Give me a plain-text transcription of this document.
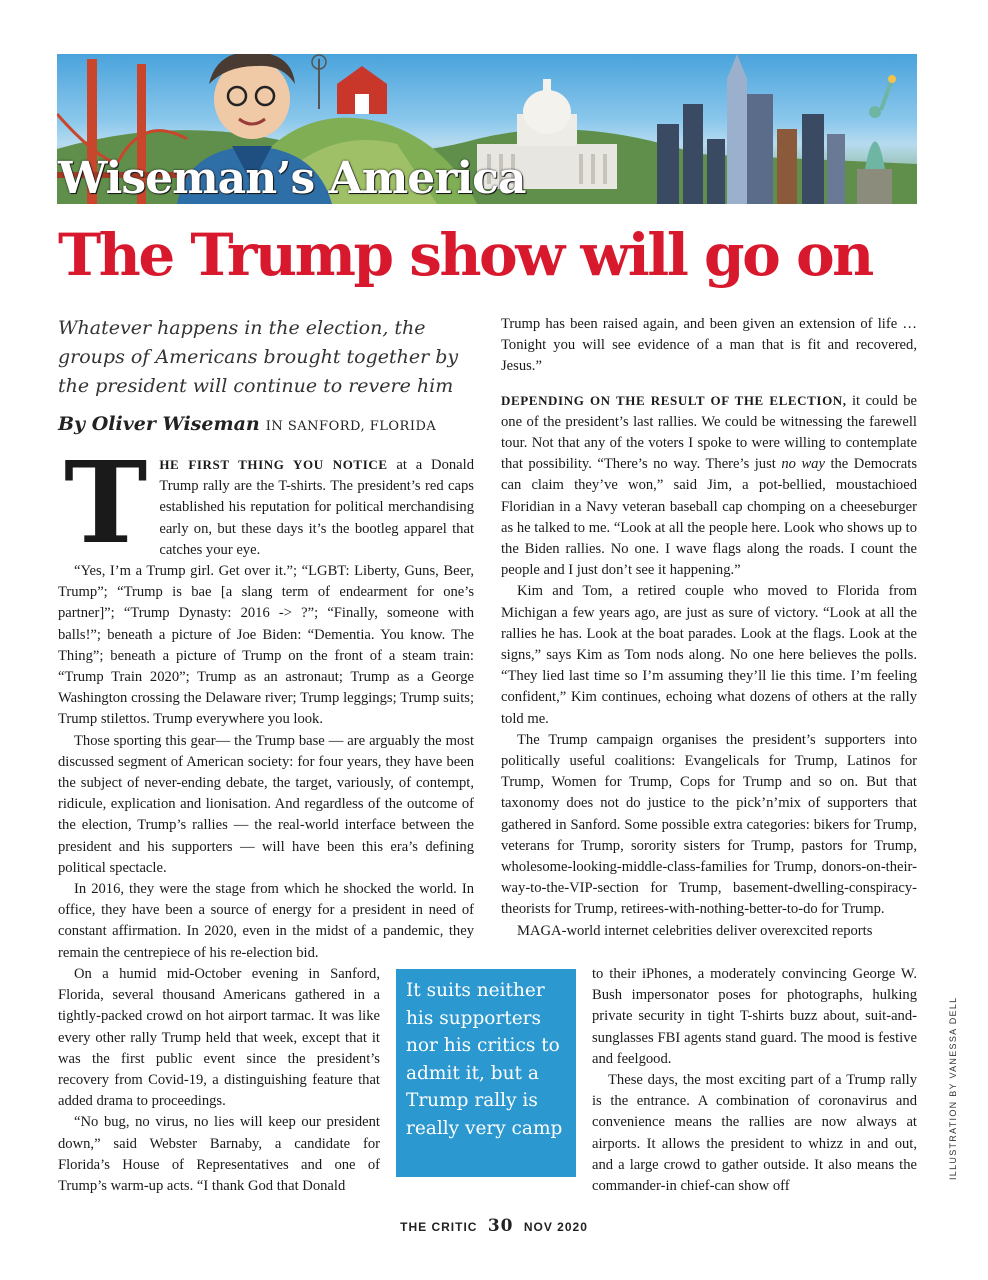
Wiseman’s America
The Trump show will go on
Whatever happens in the election, the groups of Americans brought together by the president will continue to revere him
By Oliver Wiseman IN SANFORD, FLORIDA

THE FIRST THING YOU NOTICE at a Donald Trump rally are the T-shirts. The president’s red caps established his reputation for political merchandising early on, but these days it’s the bootleg apparel that catches your eye.

“Yes, I’m a Trump girl. Get over it.”; “LGBT: Liberty, Guns, Beer, Trump”; “Trump is bae [a slang term of endearment for one’s partner]”; “Trump Dynasty: 2016 -> ?”; “Finally, someone with balls!”; beneath a picture of Joe Biden: “Dementia. You know. The Thing”; beneath a picture of Trump on the front of a steam train: “Trump Train 2020”; Trump as an astronaut; Trump as a George Washington crossing the Delaware river; Trump leggings; Trump suits; Trump stilettos. Trump everywhere you look.

Those sporting this gear— the Trump base — are arguably the most discussed segment of American society: for four years, they have been the subject of never-ending debate, the target, variously, of contempt, ridicule, explication and lionisation. And regardless of the outcome of the election, Trump’s rallies — the real-world interface between the president and his supporters — will have been this era’s defining political spectacle.

In 2016, they were the stage from which he shocked the world. In office, they have been a source of energy for a president in need of constant affirmation. In 2020, even in the midst of a pandemic, they remain the centrepiece of his re-election bid.

On a humid mid-October evening in Sanford, Florida, several thousand Americans gathered in a tightly-packed crowd on hot airport tarmac. It was like every other rally Trump held that week, except that it was the first public event since the president’s recovery from Covid-19, a distinguishing feature that added drama to proceedings.

“No bug, no virus, no lies will keep our president down,” said Webster Barnaby, a candidate for Florida’s House of Representatives and one of Trump’s warm-up acts. “I thank God that Donald

It suits neither his supporters nor his critics to admit it, but a Trump rally is really very camp

Trump has been raised again, and been given an extension of life … Tonight you will see evidence of a man that is fit and recovered, Jesus.”

DEPENDING ON THE RESULT OF THE ELECTION, it could be one of the president’s last rallies. We could be witnessing the farewell tour. Not that any of the voters I spoke to were willing to contemplate that possibility. “There’s no way. There’s just no way the Democrats can claim they’ve won,” said Jim, a pot-bellied, moustachioed Floridian in a Navy veteran baseball cap chomping on a cheeseburger as he talked to me. “Look at all the people here. Look who shows up to the Biden rallies. No one. I wave flags along the roads. I count the people and I just don’t see it happening.”

Kim and Tom, a retired couple who moved to Florida from Michigan a few years ago, are just as sure of victory. “Look at all the rallies he has. Look at the boat parades. Look at the flags. Look at the signs,” says Kim as Tom nods along. No one here believes the polls. “They lied last time so I’m assuming they’ll lie this time. I’m feeling confident,” Kim continues, echoing what dozens of others at the rally told me.

The Trump campaign organises the president’s supporters into politically useful coalitions: Evangelicals for Trump, Latinos for Trump, Women for Trump, Cops for Trump and so on. But that taxonomy does not do justice to the pick’n’mix of supporters that gathered in Sanford. Some possible extra categories: bikers for Trump, veterans for Trump, sorority sisters for Trump, pastors for Trump, wholesome-looking-middle-class-families for Trump, donors-on-their-way-to-the-VIP-section for Trump, basement-dwelling-conspiracy-theorists for Trump, retirees-with-nothing-better-to-do for Trump.

MAGA-world internet celebrities deliver overexcited reports

to their iPhones, a moderately convincing George W. Bush impersonator poses for photographs, hulking private security in tight T-shirts buzz about, suit-and-sunglasses FBI agents stand guard. The mood is festive and feelgood.

These days, the most exciting part of a Trump rally is the entrance. A combination of coronavirus and convenience means the rallies are now always at airports. It allows the president to whizz in and out, and a large crowd to gather outside. It also means the commander-in chief-can show off

ILLUSTRATION BY VANESSA DELL
THE CRITIC 30 NOV 2020
